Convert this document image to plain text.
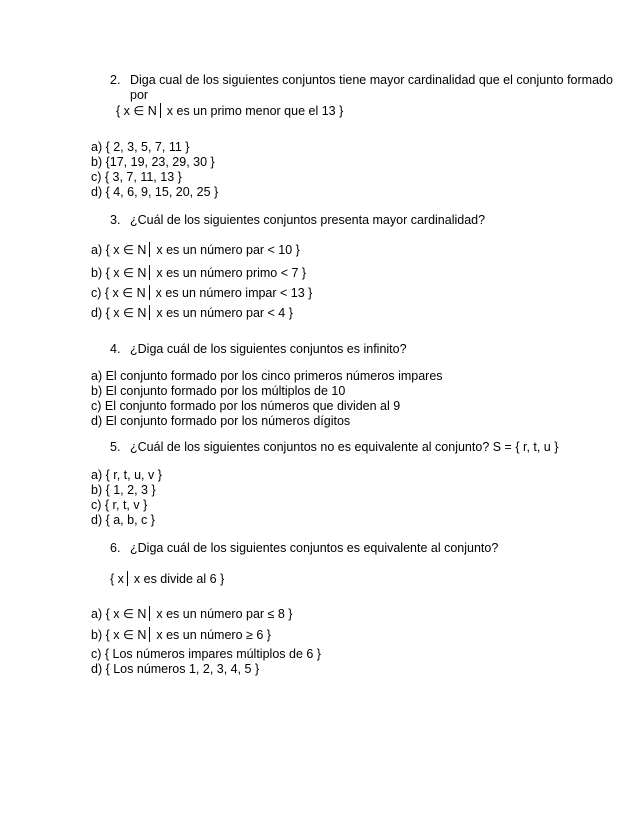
2. Diga cual de los siguientes conjuntos tiene mayor cardinalidad que el conjunto formado
por
{ x ∈ N x es un primo menor que el 13 }
a) { 2, 3, 5, 7, 11 }
b) {17, 19, 23, 29, 30 }
c) { 3, 7, 11, 13 }
d) { 4, 6, 9, 15, 20, 25 }
3. ¿Cuál de los siguientes conjuntos presenta mayor cardinalidad?
a) { x ∈ N x es un número par < 10 }
b) { x ∈ N x es un número primo < 7 }
c) { x ∈ N x es un número impar < 13 }
d) { x ∈ N x es un número par < 4 }
4. ¿Diga cuál de los siguientes conjuntos es infinito?
a) El conjunto formado por los cinco primeros números impares
b) El conjunto formado por los múltiplos de 10
c) El conjunto formado por los números que dividen al 9
d) El conjunto formado por los números dígitos
5. ¿Cuál de los siguientes conjuntos no es equivalente al conjunto? S = { r, t, u }
a) { r, t, u, v }
b) { 1, 2, 3 }
c) { r, t, v }
d) { a, b, c }
6. ¿Diga cuál de los siguientes conjuntos es equivalente al conjunto?
{ x x es divide al 6 }
a) { x ∈ N x es un número par ≤ 8 }
b) { x ∈ N x es un número ≥ 6 }
c) { Los números impares múltiplos de 6 }
d) { Los números 1, 2, 3, 4, 5 }
